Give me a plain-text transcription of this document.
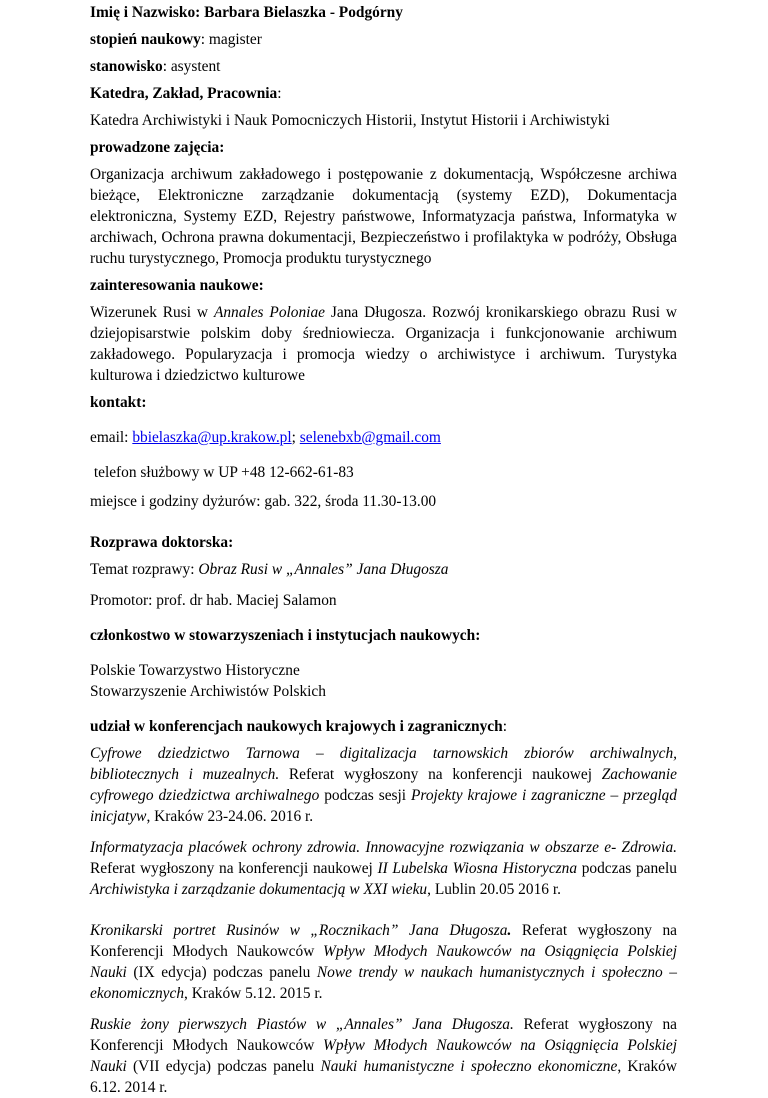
Imię i Nazwisko: Barbara Bielaszka - Podgórny

stopień naukowy: magister

stanowisko: asystent

Katedra, Zakład, Pracownia:

Katedra Archiwistyki i Nauk Pomocniczych Historii, Instytut Historii i Archiwistyki

prowadzone zajęcia:

Organizacja archiwum zakładowego i postępowanie z dokumentacją, Współczesne archiwa bieżące, Elektroniczne zarządzanie dokumentacją (systemy EZD), Dokumentacja elektroniczna, Systemy EZD, Rejestry państwowe, Informatyzacja państwa, Informatyka w archiwach, Ochrona prawna dokumentacji, Bezpieczeństwo i profilaktyka w podróży, Obsługa ruchu turystycznego, Promocja produktu turystycznego

zainteresowania naukowe:

Wizerunek Rusi w Annales Poloniae Jana Długosza. Rozwój kronikarskiego obrazu Rusi w dziejopisarstwie polskim doby średniowiecza. Organizacja i funkcjonowanie archiwum zakładowego. Popularyzacja i promocja wiedzy o archiwistyce i archiwum. Turystyka kulturowa i dziedzictwo kulturowe

kontakt:

email: bbielaszka@up.krakow.pl; selenebxb@gmail.com

telefon służbowy w UP +48 12-662-61-83

miejsce i godziny dyżurów: gab. 322, środa 11.30-13.00

Rozprawa doktorska:

Temat rozprawy: Obraz Rusi w „Annales” Jana Długosza

Promotor: prof. dr hab. Maciej Salamon

członkostwo w stowarzyszeniach i instytucjach naukowych:

Polskie Towarzystwo Historyczne

Stowarzyszenie Archiwistów Polskich

udział w konferencjach naukowych krajowych i zagranicznych:

Cyfrowe dziedzictwo Tarnowa – digitalizacja tarnowskich zbiorów archiwalnych, bibliotecznych i muzealnych. Referat wygłoszony na konferencji naukowej Zachowanie cyfrowego dziedzictwa archiwalnego podczas sesji Projekty krajowe i zagraniczne – przegląd inicjatyw, Kraków 23-24.06. 2016 r.

Informatyzacja placówek ochrony zdrowia. Innowacyjne rozwiązania w obszarze e- Zdrowia. Referat wygłoszony na konferencji naukowej II Lubelska Wiosna Historyczna podczas panelu Archiwistyka i zarządzanie dokumentacją w XXI wieku, Lublin 20.05 2016 r.

Kronikarski portret Rusinów w „Rocznikach” Jana Długosza. Referat wygłoszony na Konferencji Młodych Naukowców Wpływ Młodych Naukowców na Osiągnięcia Polskiej Nauki (IX edycja) podczas panelu Nowe trendy w naukach humanistycznych i społeczno – ekonomicznych, Kraków 5.12. 2015 r.

Ruskie żony pierwszych Piastów w „Annales” Jana Długosza. Referat wygłoszony na Konferencji Młodych Naukowców Wpływ Młodych Naukowców na Osiągnięcia Polskiej Nauki (VII edycja) podczas panelu Nauki humanistyczne i społeczno ekonomiczne, Kraków 6.12. 2014 r.
